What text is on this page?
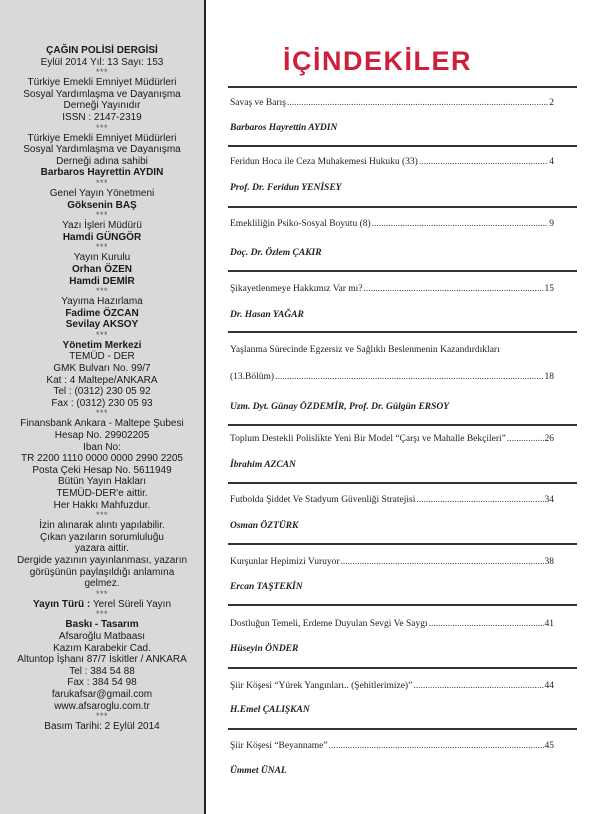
ÇAĞIN POLİSİ DERGİSİ
Eylül 2014 Yıl: 13 Sayı: 153
***
Türkiye Emekli Emniyet Müdürleri
Sosyal Yardımlaşma ve Dayanışma
Derneği Yayınıdır
ISSN : 2147-2319
***
Türkiye Emekli Emniyet Müdürleri
Sosyal Yardımlaşma ve Dayanışma
Derneği adına sahibi
Barbaros Hayrettin AYDIN
***
Genel Yayın Yönetmeni
Göksenin BAŞ
***
Yazı İşleri Müdürü
Hamdi GÜNGÖR
***
Yayın Kurulu
Orhan ÖZEN
Hamdi DEMİR
***
Yayıma Hazırlama
Fadime ÖZCAN
Sevilay AKSOY
***
Yönetim Merkezi
TEMÜD - DER
GMK Bulvarı No. 99/7
Kat : 4 Maltepe/ANKARA
Tel : (0312) 230 05 92
Fax : (0312) 230 05 93
***
Finansbank Ankara - Maltepe Şubesi
Hesap No. 29902205
Iban No:
TR 2200 1110 0000 0000 2990 2205
Posta Çeki Hesap No. 5611949
Bütün Yayın Hakları
TEMÜD-DER'e aittir.
Her Hakkı Mahfuzdur.
***
İzin alınarak alıntı yapılabilir.
Çıkan yazıların sorumluluğu
yazara aittir.
Dergide yazının yayınlanması, yazarın
görüşünün paylaşıldığı anlamına
gelmez.
***
Yayın Türü : Yerel Süreli Yayın
***
Baskı - Tasarım
Afsaroğlu Matbaası
Kazım Karabekir Cad.
Altuntop İşhanı 87/7 İskitler / ANKARA
Tel : 384 54 88
Fax : 384 54 98
farukafsar@gmail.com
www.afsaroglu.com.tr
***
Basım Tarihi: 2 Eylül 2014
İÇİNDEKİLER
Savaş ve Barış .....	2
Barbaros Hayrettin AYDIN
Feridun Hoca ile Ceza Muhakemesi Hukuku (33) .....	4
Prof. Dr. Feridun YENİSEY
Emekliliğin Psiko-Sosyal Boyutu (8) .....	9
Doç. Dr. Özlem ÇAKIR
Şikayetlenmeye Hakkımız Var mı? .....	15
Dr. Hasan YAĞAR
Yaşlanma Sürecinde Egzersiz ve Sağlıklı Beslenmenin Kazandırdıkları
(13.Bölüm) .....	18
Uzm. Dyt. Günay ÖZDEMİR, Prof. Dr. Gülgün ERSOY
Toplum Destekli Polislikte Yeni Bir Model “Çarşı ve Mahalle Bekçileri” .....	26
İbrahim AZCAN
Futbolda Şiddet Ve Stadyum Güvenliği Stratejisi .....	34
Osman ÖZTÜRK
Kurşunlar Hepimizi Vuruyor .....	38
Ercan TAŞTEKİN
Dostluğun Temeli, Erdeme Duyulan Sevgi Ve Saygı .....	41
Hüseyin ÖNDER
Şiir Köşesi “Yürek Yangınları.. (Şehitlerimize)” .....	44
H.Emel ÇALIŞKAN
Şiir Köşesi “Beyanname” .....	45
Ümmet ÜNAL
